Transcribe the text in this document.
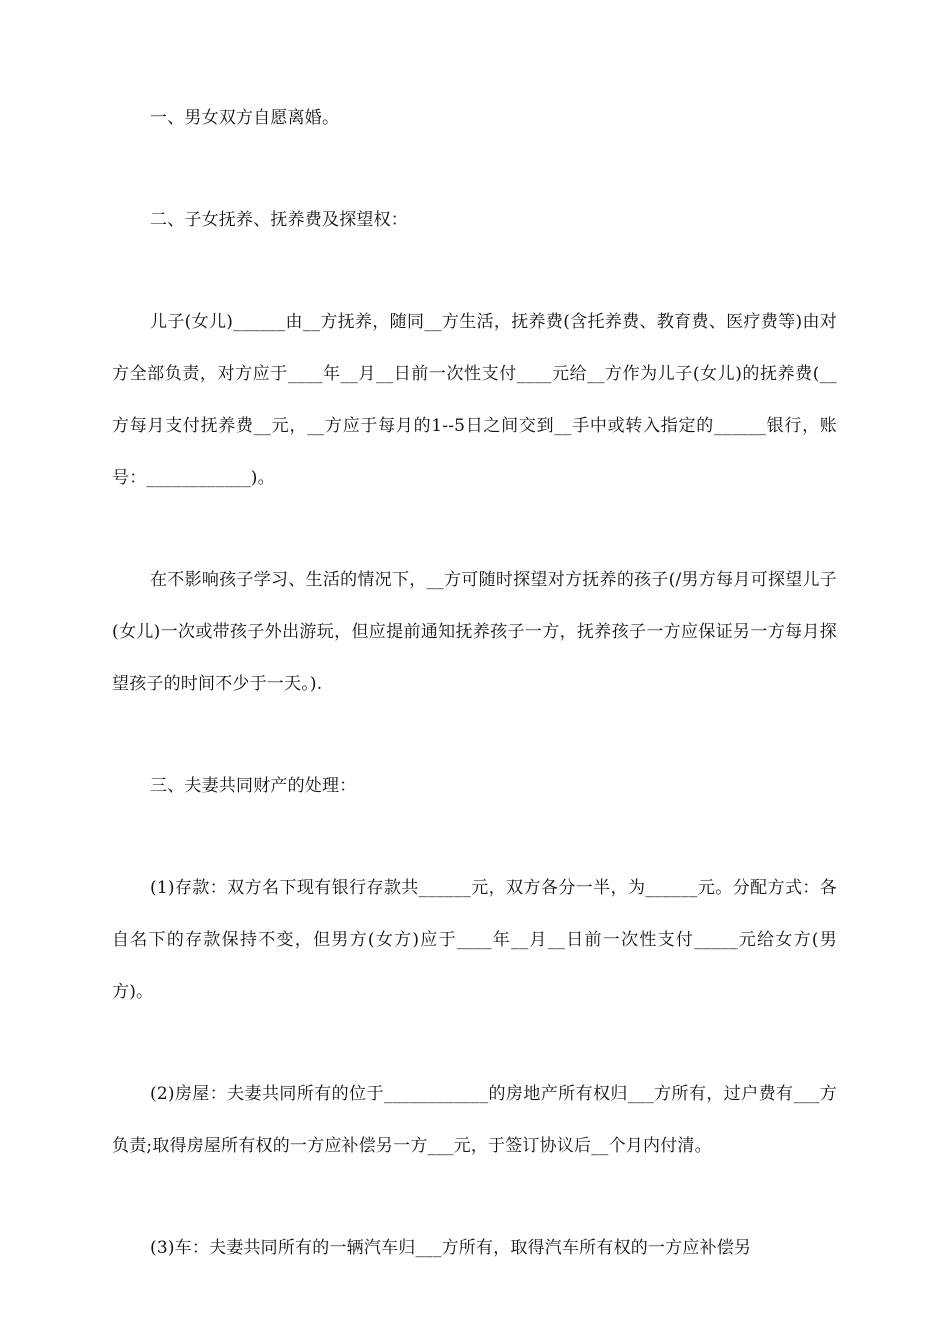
一、男女双方自愿离婚。

二、子女抚养、抚养费及探望权：

儿子(女儿)______由__方抚养，随同__方生活，抚养费(含托养费、教育费、医疗费等)由对方全部负责，对方应于____年__月__日前一次性支付____元给__方作为儿子(女儿)的抚养费(__方每月支付抚养费__元，__方应于每月的1--5日之间交到__手中或转入指定的______银行，账号：____________)。

在不影响孩子学习、生活的情况下，__方可随时探望对方抚养的孩子(/男方每月可探望儿子(女儿)一次或带孩子外出游玩，但应提前通知抚养孩子一方，抚养孩子一方应保证另一方每月探望孩子的时间不少于一天。).

三、夫妻共同财产的处理：

(1)存款：双方名下现有银行存款共______元，双方各分一半，为______元。分配方式：各自名下的存款保持不变，但男方(女方)应于____年__月__日前一次性支付_____元给女方(男方)。

(2)房屋：夫妻共同所有的位于____________的房地产所有权归___方所有，过户费有___方负责;取得房屋所有权的一方应补偿另一方___元，于签订协议后__个月内付清。

(3)车：夫妻共同所有的一辆汽车归___方所有，取得汽车所有权的一方应补偿另
